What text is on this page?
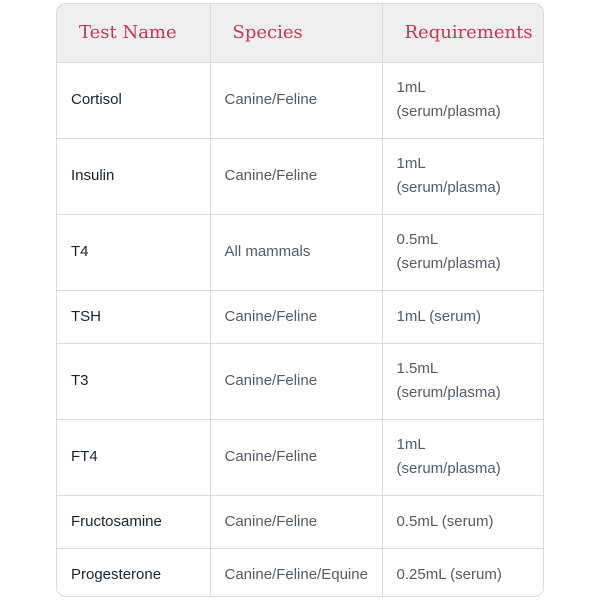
Test Name	Species	Requirements
Cortisol	Canine/Feline	1mL (serum/plasma)

Insulin	Canine/Feline	1mL (serum/plasma)

T4	All mammals	0.5mL (serum/plasma)

TSH	Canine/Feline	1mL (serum)

T3	Canine/Feline	1.5mL (serum/plasma)

FT4	Canine/Feline	1mL (serum/plasma)

Fructosamine	Canine/Feline	0.5mL (serum)

Progesterone	Canine/Feline/Equine	0.25mL (serum)
